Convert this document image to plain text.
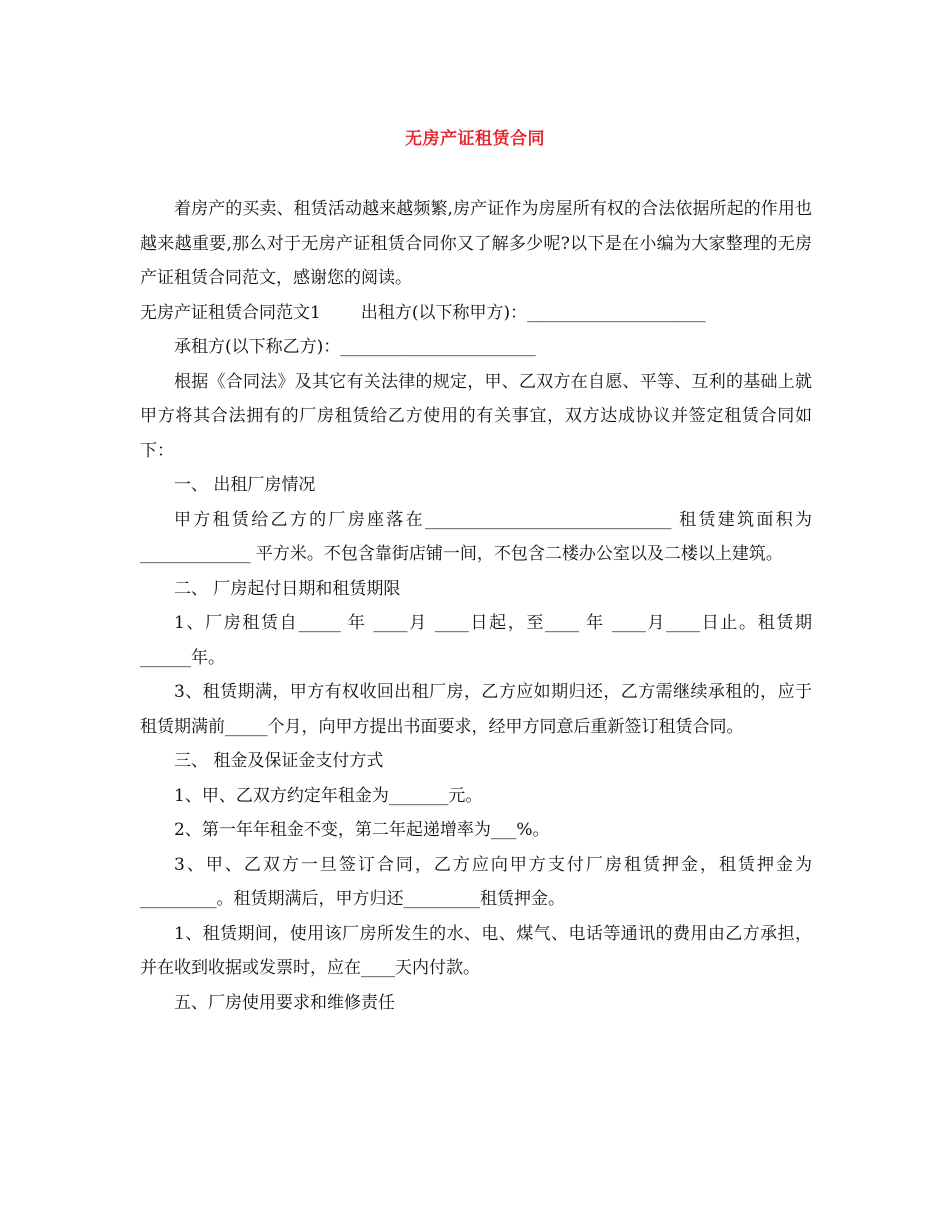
无房产证租赁合同

着房产的买卖、租赁活动越来越频繁,房产证作为房屋所有权的合法依据所起的作用也越来越重要,那么对于无房产证租赁合同你又了解多少呢?以下是在小编为大家整理的无房产证租赁合同范文，感谢您的阅读。

无房产证租赁合同范文1 出租方(以下称甲方)：_____________________

承租方(以下称乙方)：_______________________

根据《合同法》及其它有关法律的规定，甲、乙双方在自愿、平等、互利的基础上就甲方将其合法拥有的厂房租赁给乙方使用的有关事宜，双方达成协议并签定租赁合同如下：

一、 出租厂房情况

甲方租赁给乙方的厂房座落在_____________________________ 租赁建筑面积为_____________ 平方米。不包含靠街店铺一间，不包含二楼办公室以及二楼以上建筑。

二、 厂房起付日期和租赁期限

1、厂房租赁自_____ 年 ____月 ____日起，至____ 年 ____月____日止。租赁期______年。

3、租赁期满，甲方有权收回出租厂房，乙方应如期归还，乙方需继续承租的，应于租赁期满前_____个月，向甲方提出书面要求，经甲方同意后重新签订租赁合同。

三、 租金及保证金支付方式

1、甲、乙双方约定年租金为_______元。

2、第一年年租金不变，第二年起递增率为___%。

3、甲、乙双方一旦签订合同，乙方应向甲方支付厂房租赁押金，租赁押金为_________。租赁期满后，甲方归还_________租赁押金。

1、租赁期间，使用该厂房所发生的水、电、煤气、电话等通讯的费用由乙方承担，并在收到收据或发票时，应在____天内付款。

五、厂房使用要求和维修责任
